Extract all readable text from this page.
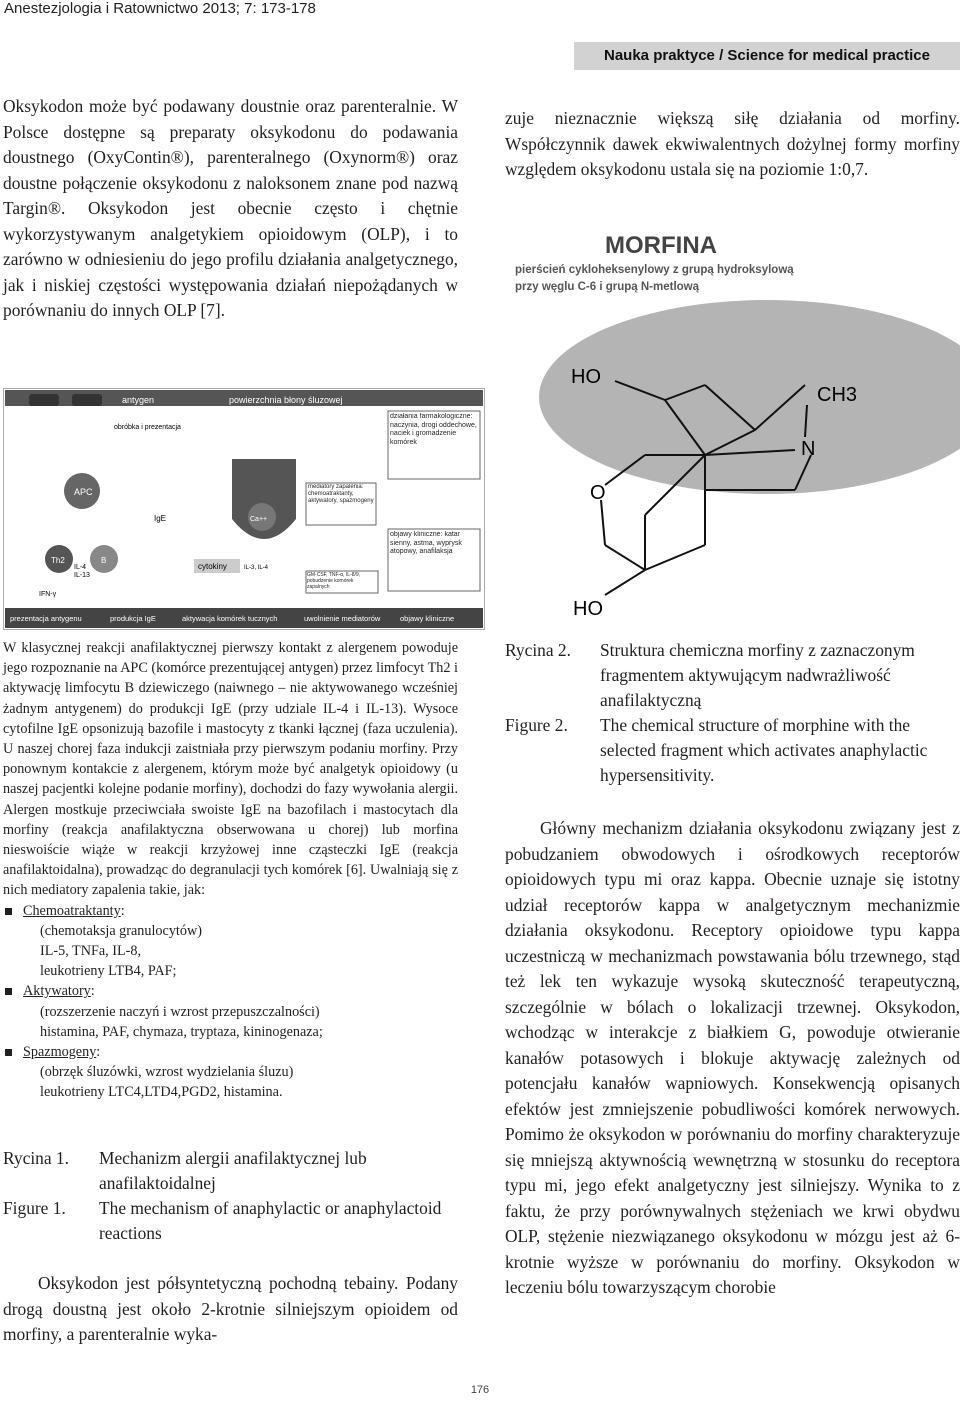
Anestezjologia i Ratownictwo 2013; 7: 173-178
Nauka praktyce / Science for medical practice

Oksykodon może być podawany doustnie oraz parenteralnie. W Polsce dostępne są preparaty oksykodonu do podawania doustnego (OxyContin®), parenteralnego (Oxynorm®) oraz doustne połączenie oksykodonu z naloksonem znane pod nazwą Targin®. Oksykodon jest obecnie często i chętnie wykorzystywanym analgetykiem opioidowym (OLP), i to zarówno w odniesieniu do jego profilu działania analgetycznego, jak i niskiej częstości występowania działań niepożądanych w porównaniu do innych OLP [7].

zuje nieznacznie większą siłę działania od morfiny. Współczynnik dawek ekwiwalentnych dożylnej formy morfiny względem oksykodonu ustala się na poziomie 1:0,7.

antygen	powierzchnia błony śluzowej
APC
obróbka i prezentacja
IgE
Th2	B
IL-4
IL-13
IFN-γ
cytokiny	IL-3, IL-4
Ca++
mediatory zapalenia: chemoatraktanty, aktywatory, spazmogeny
działania farmakologiczne: naczynia, drogi oddechowe, naciek i gromadzenie komórek
objawy kliniczne: katar sienny, astma, wyprysk atopowy, anafilaksja
GM-CSF, TNF-α, IL-8/9, pobudzenie komórek zapalnych
prezentacja antygenu	produkcja IgE	aktywacja komórek tucznych	uwolnienie mediatorów	objawy kliniczne
MORFINA
pierścień cykloheksenylowy z grupą hydroksylową
przy węglu C-6 i grupą N-metlową
HO
CH3
N
O
HO

W klasycznej reakcji anafilaktycznej pierwszy kontakt z alergenem powoduje jego rozpoznanie na APC (komórce prezentującej antygen) przez limfocyt Th2 i aktywację limfocytu B dziewiczego (naiwnego – nie aktywowanego wcześniej żadnym antygenem) do produkcji IgE (przy udziale IL-4 i IL-13). Wysoce cytofilne IgE opsonizują bazofile i mastocyty z tkanki łącznej (faza uczulenia). U naszej chorej faza indukcji zaistniała przy pierwszym podaniu morfiny. Przy ponownym kontakcie z alergenem, którym może być analgetyk opioidowy (u naszej pacjentki kolejne podanie morfiny), dochodzi do fazy wywołania alergii. Alergen mostkuje przeciwciała swoiste IgE na bazofilach i mastocytach dla morfiny (reakcja anafilaktyczna obserwowana u chorej) lub morfina nieswoiście wiąże w reakcji krzyżowej inne cząsteczki IgE (reakcja anafilaktoidalna), prowadząc do degranulacji tych komórek [6]. Uwalniają się z nich mediatory zapalenia takie, jak:

Chemoatraktanty:
(chemotaksja granulocytów)
IL-5, TNFa, IL-8,
leukotrieny LTB4, PAF;
Aktywatory:
(rozszerzenie naczyń i wzrost przepuszczalności)
histamina, PAF, chymaza, tryptaza, kininogenaza;
Spazmogeny:
(obrzęk śluzówki, wzrost wydzielania śluzu)
leukotrieny LTC4,LTD4,PGD2, histamina.
Rycina 1.	Mechanizm alergii anafilaktycznej lub anafilaktoidalnej
Figure 1.	The mechanism of anaphylactic or anaphylactoid reactions
Rycina 2.	Struktura chemiczna morfiny z zaznaczonym fragmentem aktywującym nadwrażliwość anafilaktyczną
Figure 2.	The chemical structure of morphine with the selected fragment which activates anaphylactic hypersensitivity.

Oksykodon jest półsyntetyczną pochodną tebainy. Podany drogą doustną jest około 2-krotnie silniejszym opioidem od morfiny, a parenteralnie wyka-

Główny mechanizm działania oksykodonu związany jest z pobudzaniem obwodowych i ośrodkowych receptorów opioidowych typu mi oraz kappa. Obecnie uznaje się istotny udział receptorów kappa w analgetycznym mechanizmie działania oksykodonu. Receptory opioidowe typu kappa uczestniczą w mechanizmach powstawania bólu trzewnego, stąd też lek ten wykazuje wysoką skuteczność terapeutyczną, szczególnie w bólach o lokalizacji trzewnej. Oksykodon, wchodząc w interakcje z białkiem G, powoduje otwieranie kanałów potasowych i blokuje aktywację zależnych od potencjału kanałów wapniowych. Konsekwencją opisanych efektów jest zmniejszenie pobudliwości komórek nerwowych. Pomimo że oksykodon w porównaniu do morfiny charakteryzuje się mniejszą aktywnością wewnętrzną w stosunku do receptora typu mi, jego efekt analgetyczny jest silniejszy. Wynika to z faktu, że przy porównywalnych stężeniach we krwi obydwu OLP, stężenie niezwiązanego oksykodonu w mózgu jest aż 6-krotnie wyższe w porównaniu do morfiny. Oksykodon w leczeniu bólu towarzyszącym chorobie

176
